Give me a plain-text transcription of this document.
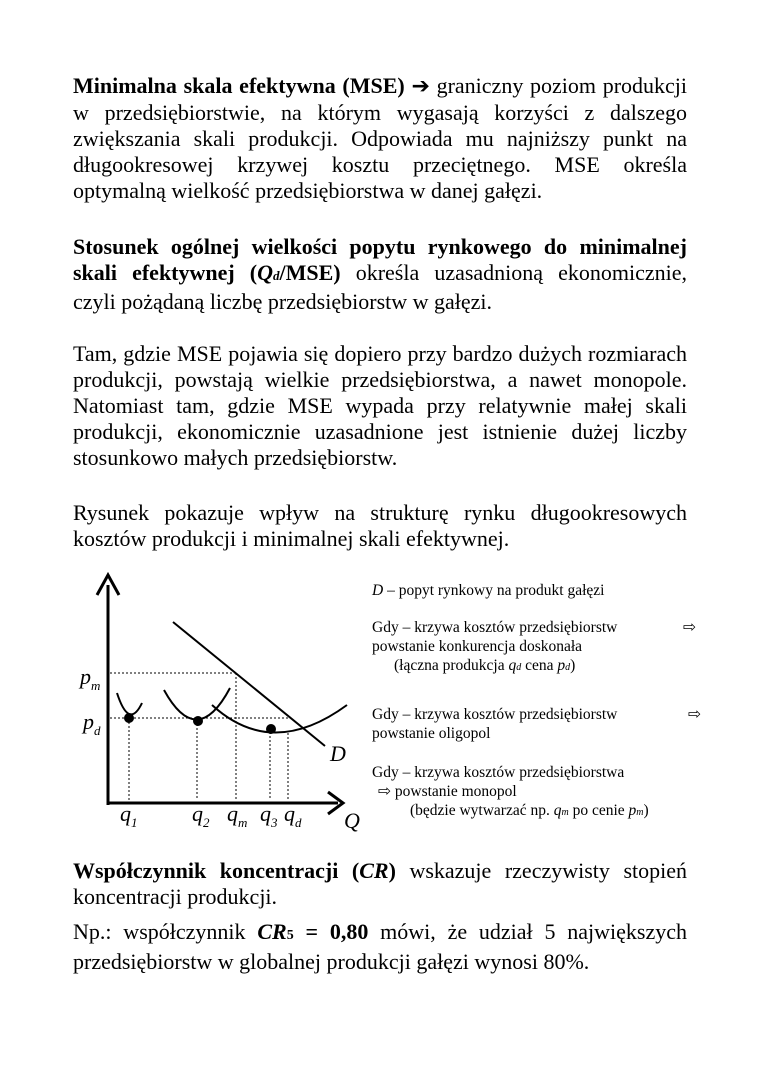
Minimalna skala efektywna (MSE) ➔ graniczny poziom produkcji w przedsiębiorstwie, na którym wygasają korzyści z dalszego zwiększania skali produkcji. Odpowiada mu najniższy punkt na długookresowej krzywej kosztu przeciętnego. MSE określa optymalną wielkość przedsiębiorstwa w danej gałęzi.

Stosunek ogólnej wielkości popytu rynkowego do minimalnej skali efektywnej (Qd/MSE) określa uzasadnioną ekonomicznie, czyli pożądaną liczbę przedsiębiorstw w gałęzi.

Tam, gdzie MSE pojawia się dopiero przy bardzo dużych rozmiarach produkcji, powstają wielkie przedsiębiorstwa, a nawet monopole. Natomiast tam, gdzie MSE wypada przy relatywnie małej skali produkcji, ekonomicznie uzasadnione jest istnienie dużej liczby stosunkowo małych przedsiębiorstw.

Rysunek pokazuje wpływ na strukturę rynku długookresowych kosztów produkcji i minimalnej skali efektywnej.

$p_m$
$p_d$
$q_1$ $q_2$ $q_m$ $q_3$ $q_d$ Q
D
D – popyt rynkowy na produkt gałęzi
Gdy – krzywa kosztów przedsiębiorstw	⇨
powstanie konkurencja doskonała
(łączna produkcja qd cena pd)
Gdy – krzywa kosztów przedsiębiorstw	⇨
powstanie oligopol
Gdy – krzywa kosztów przedsiębiorstwa
⇨ powstanie monopol
(będzie wytwarzać np. qm po cenie pm)

Współczynnik koncentracji (CR) wskazuje rzeczywisty stopień koncentracji produkcji.

Np.: współczynnik CR5 = 0,80 mówi, że udział 5 największych przedsiębiorstw w globalnej produkcji gałęzi wynosi 80%.
